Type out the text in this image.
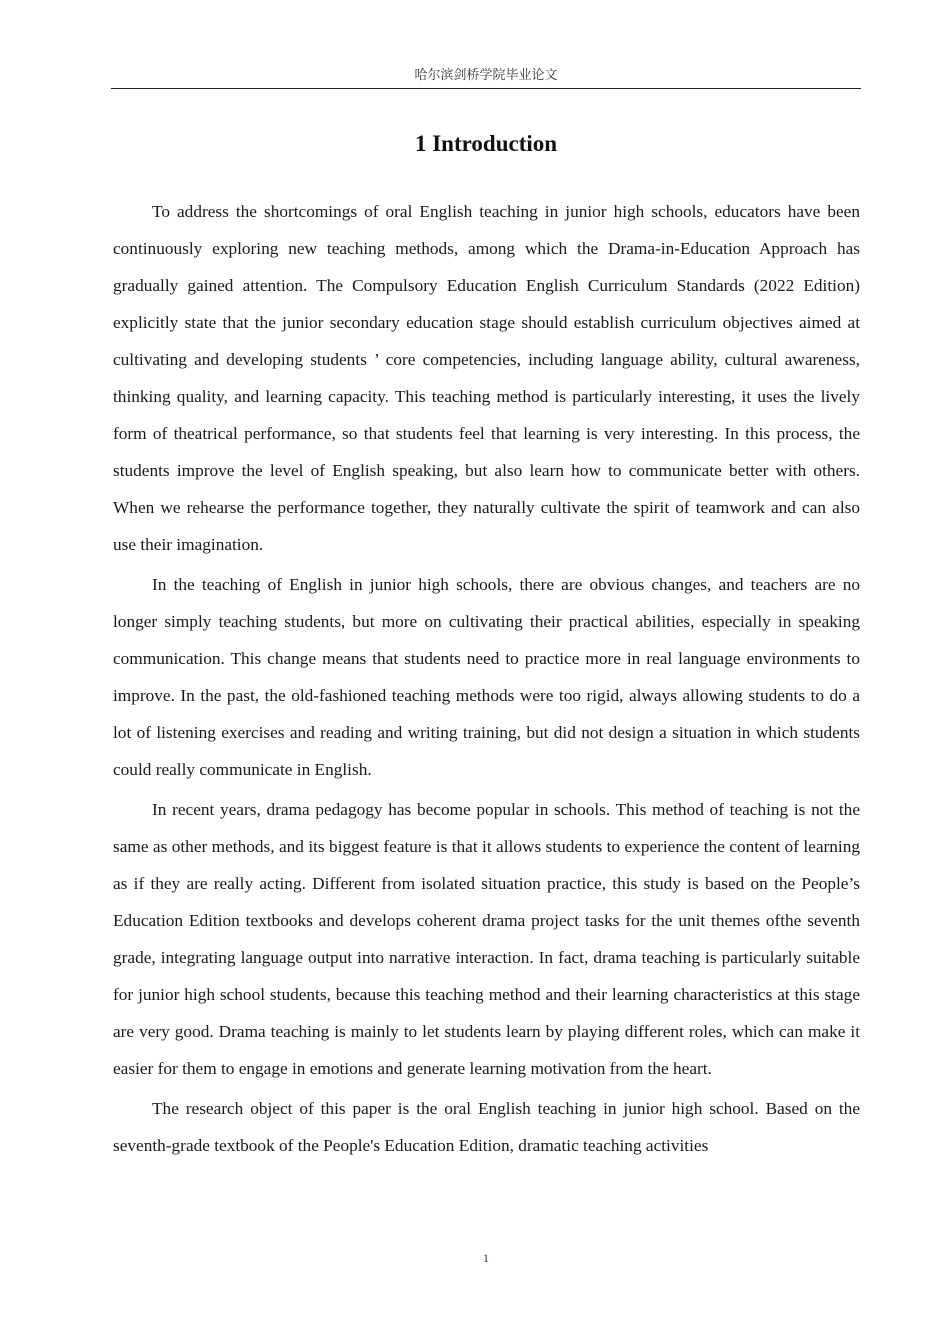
哈尔滨剑桥学院毕业论文
1 Introduction

To address the shortcomings of oral English teaching in junior high schools, educators have been continuously exploring new teaching methods, among which the Drama-in-Education Approach has gradually gained attention. The Compulsory Education English Curriculum Standards (2022 Edition) explicitly state that the junior secondary education stage should establish curriculum objectives aimed at cultivating and developing students ’ core competencies, including language ability, cultural awareness, thinking quality, and learning capacity. This teaching method is particularly interesting, it uses the lively form of theatrical performance, so that students feel that learning is very interesting. In this process, the students improve the level of English speaking, but also learn how to communicate better with others. When we rehearse the performance together, they naturally cultivate the spirit of teamwork and can also use their imagination.

In the teaching of English in junior high schools, there are obvious changes, and teachers are no longer simply teaching students, but more on cultivating their practical abilities, especially in speaking communication. This change means that students need to practice more in real language environments to improve. In the past, the old-fashioned teaching methods were too rigid, always allowing students to do a lot of listening exercises and reading and writing training, but did not design a situation in which students could really communicate in English.

In recent years, drama pedagogy has become popular in schools. This method of teaching is not the same as other methods, and its biggest feature is that it allows students to experience the content of learning as if they are really acting. Different from isolated situation practice, this study is based on the People’s Education Edition textbooks and develops coherent drama project tasks for the unit themes ofthe seventh grade, integrating language output into narrative interaction. In fact, drama teaching is particularly suitable for junior high school students, because this teaching method and their learning characteristics at this stage are very good. Drama teaching is mainly to let students learn by playing different roles, which can make it easier for them to engage in emotions and generate learning motivation from the heart.

The research object of this paper is the oral English teaching in junior high school. Based on the seventh-grade textbook of the People's Education Edition, dramatic teaching activities

1
